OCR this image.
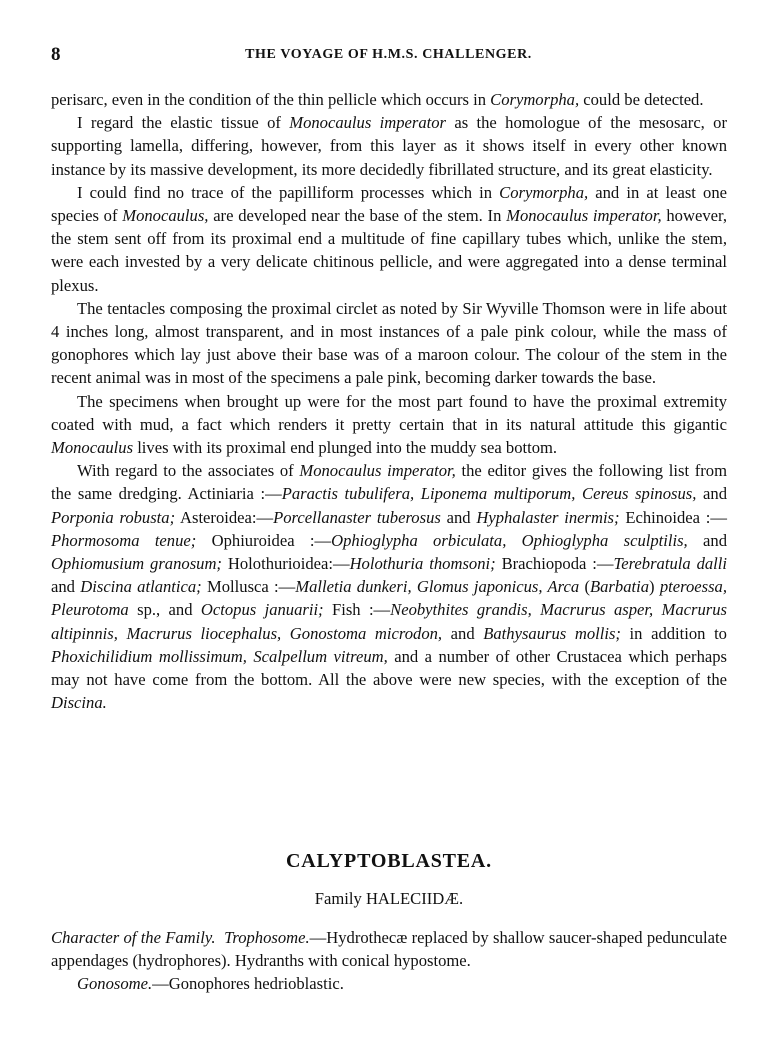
8	THE VOYAGE OF H.M.S. CHALLENGER.

perisarc, even in the condition of the thin pellicle which occurs in Corymorpha, could be detected.

I regard the elastic tissue of Monocaulus imperator as the homologue of the mesosarc, or supporting lamella, differing, however, from this layer as it shows itself in every other known instance by its massive development, its more decidedly fibrillated structure, and its great elasticity.

I could find no trace of the papilliform processes which in Corymorpha, and in at least one species of Monocaulus, are developed near the base of the stem. In Monocaulus imperator, however, the stem sent off from its proximal end a multitude of fine capillary tubes which, unlike the stem, were each invested by a very delicate chitinous pellicle, and were aggregated into a dense terminal plexus.

The tentacles composing the proximal circlet as noted by Sir Wyville Thomson were in life about 4 inches long, almost transparent, and in most instances of a pale pink colour, while the mass of gonophores which lay just above their base was of a maroon colour. The colour of the stem in the recent animal was in most of the specimens a pale pink, becoming darker towards the base.

The specimens when brought up were for the most part found to have the proximal extremity coated with mud, a fact which renders it pretty certain that in its natural attitude this gigantic Monocaulus lives with its proximal end plunged into the muddy sea bottom.

With regard to the associates of Monocaulus imperator, the editor gives the following list from the same dredging. Actiniaria :—Paractis tubulifera, Liponema multiporum, Cereus spinosus, and Porponia robusta; Asteroidea:—Porcellanaster tuberosus and Hyphalaster inermis; Echinoidea :—Phormosoma tenue; Ophiuroidea :—Ophioglypha orbiculata, Ophioglypha sculptilis, and Ophiomusium granosum; Holothurioidea:—Holothuria thomsoni; Brachiopoda :—Terebratula dalli and Discina atlantica; Mollusca :—Malletia dunkeri, Glomus japonicus, Arca (Barbatia) pteroessa, Pleurotoma sp., and Octopus januarii; Fish :—Neobythites grandis, Macrurus asper, Macrurus altipinnis, Macrurus liocephalus, Gonostoma microdon, and Bathysaurus mollis; in addition to Phoxichilidium mollissimum, Scalpellum vitreum, and a number of other Crustacea which perhaps may not have come from the bottom. All the above were new species, with the exception of the Discina.

CALYPTOBLASTEA.
Family HALECIIDÆ.

Character of the Family. Trophosome.—Hydrothecæ replaced by shallow saucer-shaped pedunculate appendages (hydrophores). Hydranths with conical hypostome.

Gonosome.—Gonophores hedrioblastic.
